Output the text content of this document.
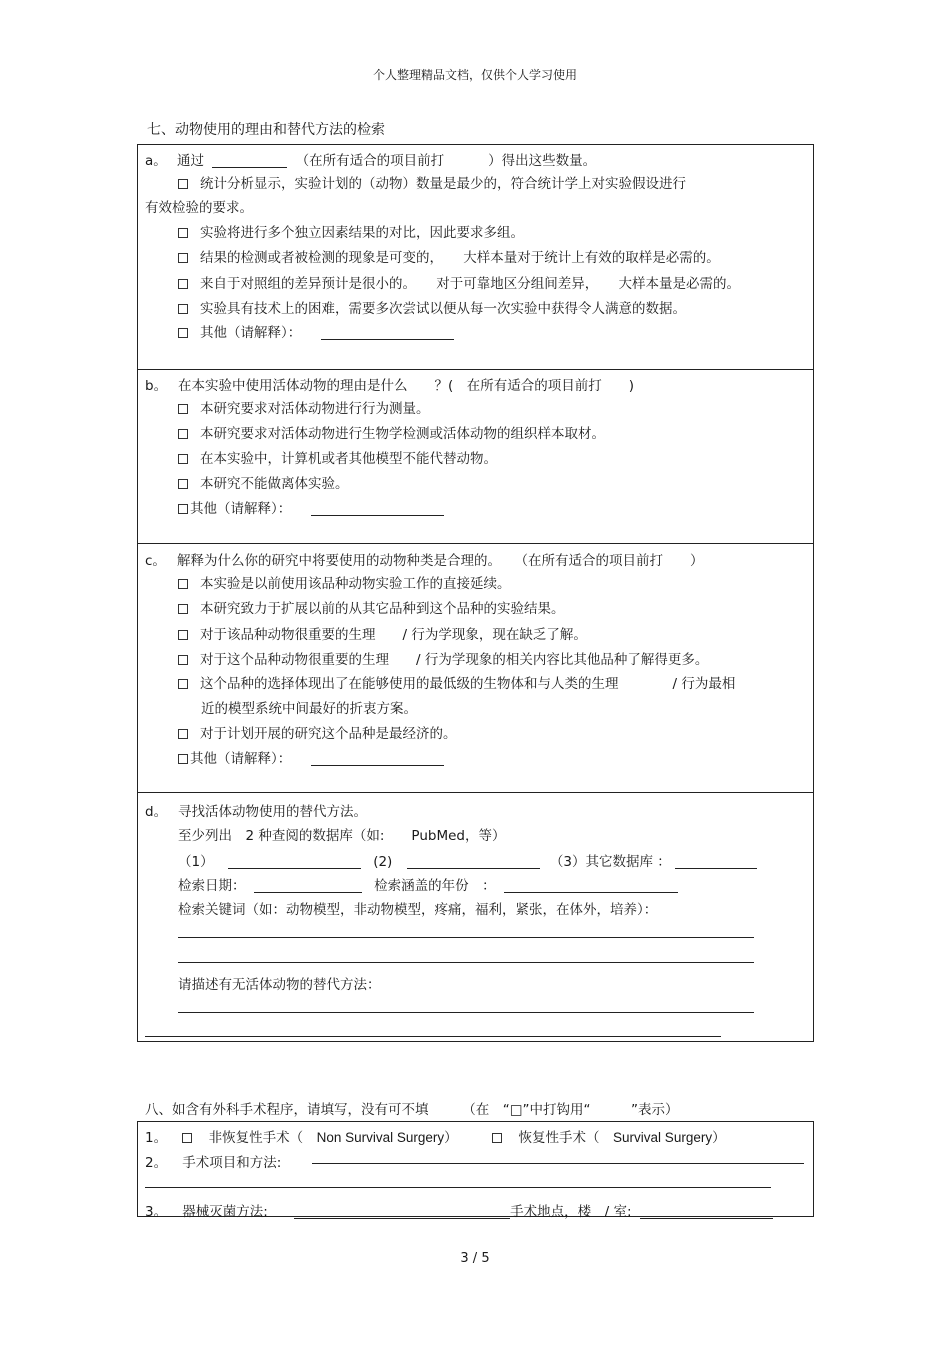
个人整理精品文档，仅供个人学习使用
七、动物使用的理由和替代方法的检索
a。 通过	（在所有适合的项目前打	）得出这些数量。
统计分析显示，实验计划的（动物）数量是最少的，符合统计学上对实验假设进行
有效检验的要求。
实验将进行多个独立因素结果的对比，因此要求多组。
结果的检测或者被检测的现象是可变的，　　大样本量对于统计上有效的取样是必需的。
来自于对照组的差异预计是很小的。　　对于可靠地区分组间差异，　　大样本量是必需的。
实验具有技术上的困难，需要多次尝试以便从每一次实验中获得令人满意的数据。
其他（请解释）：
b。 在本实验中使用活体动物的理由是什么　　？(　在所有适合的项目前打　　)
本研究要求对活体动物进行行为测量。
本研究要求对活体动物进行生物学检测或活体动物的组织样本取材。
在本实验中，计算机或者其他模型不能代替动物。
本研究不能做离体实验。
其他（请解释）：
c。 解释为什么你的研究中将要使用的动物种类是合理的。　　（在所有适合的项目前打　　）
本实验是以前使用该品种动物实验工作的直接延续。
本研究致力于扩展以前的从其它品种到这个品种的实验结果。
对于该品种动物很重要的生理　　/ 行为学现象，现在缺乏了解。
对于这个品种动物很重要的生理　　/ 行为学现象的相关内容比其他品种了解得更多。
这个品种的选择体现出了在能够使用的最低级的生物体和与人类的生理　　　　/ 行为最相
近的模型系统中间最好的折衷方案。
对于计划开展的研究这个品种是最经济的。
其他（请解释）：
d。 寻找活体动物使用的替代方法。
至少列出　2 种查阅的数据库（如:　　PubMed，等）
（1）	(2)	（3）其它数据库 ：
检索日期：	检索涵盖的年份　：
检索关键词（如：动物模型，非动物模型，疼痛，福利，紧张，在体外，培养）：
请描述有无活体动物的替代方法：
八、如含有外科手术程序，请填写，没有可不填　　　（在　“□”中打钩用“　　　”表示）
1。	非恢复性手术（　Non Survival Surgery）	恢复性手术（　Survival Surgery）
2。 手术项目和方法:
3。 器械灭菌方法:	手术地点，楼　/ 室:
3 / 5
